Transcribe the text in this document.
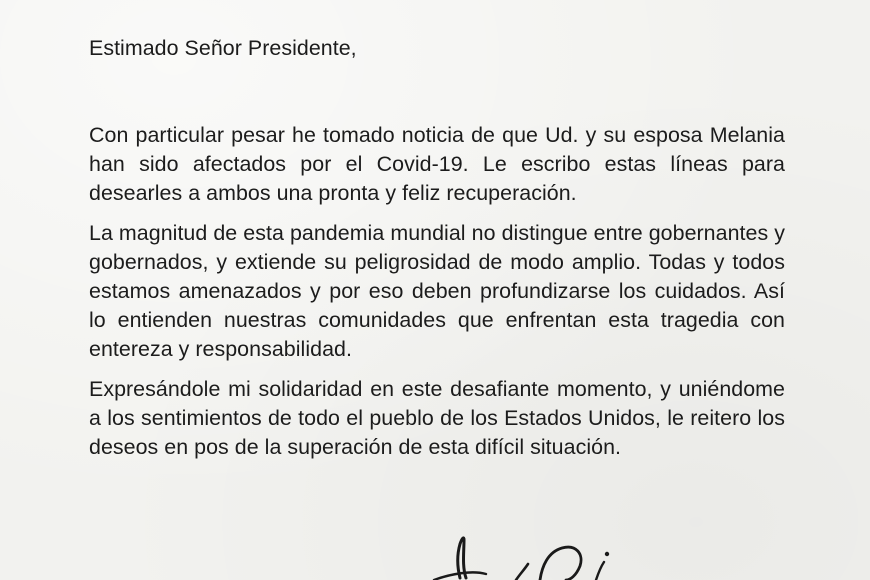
Estimado Señor Presidente,

Con particular pesar he tomado noticia de que Ud. y su esposa Melania han sido afectados por el Covid-19. Le escribo estas líneas para desearles a ambos una pronta y feliz recuperación.

La magnitud de esta pandemia mundial no distingue entre gobernantes y gobernados, y extiende su peligrosidad de modo amplio. Todas y todos estamos amenazados y por eso deben profundizarse los cuidados. Así lo entienden nuestras comunidades que enfrentan esta tragedia con entereza y responsabilidad.

Expresándole mi solidaridad en este desafiante momento, y uniéndome a los sentimientos de todo el pueblo de los Estados Unidos, le reitero los deseos en pos de la superación de esta difícil situación.
